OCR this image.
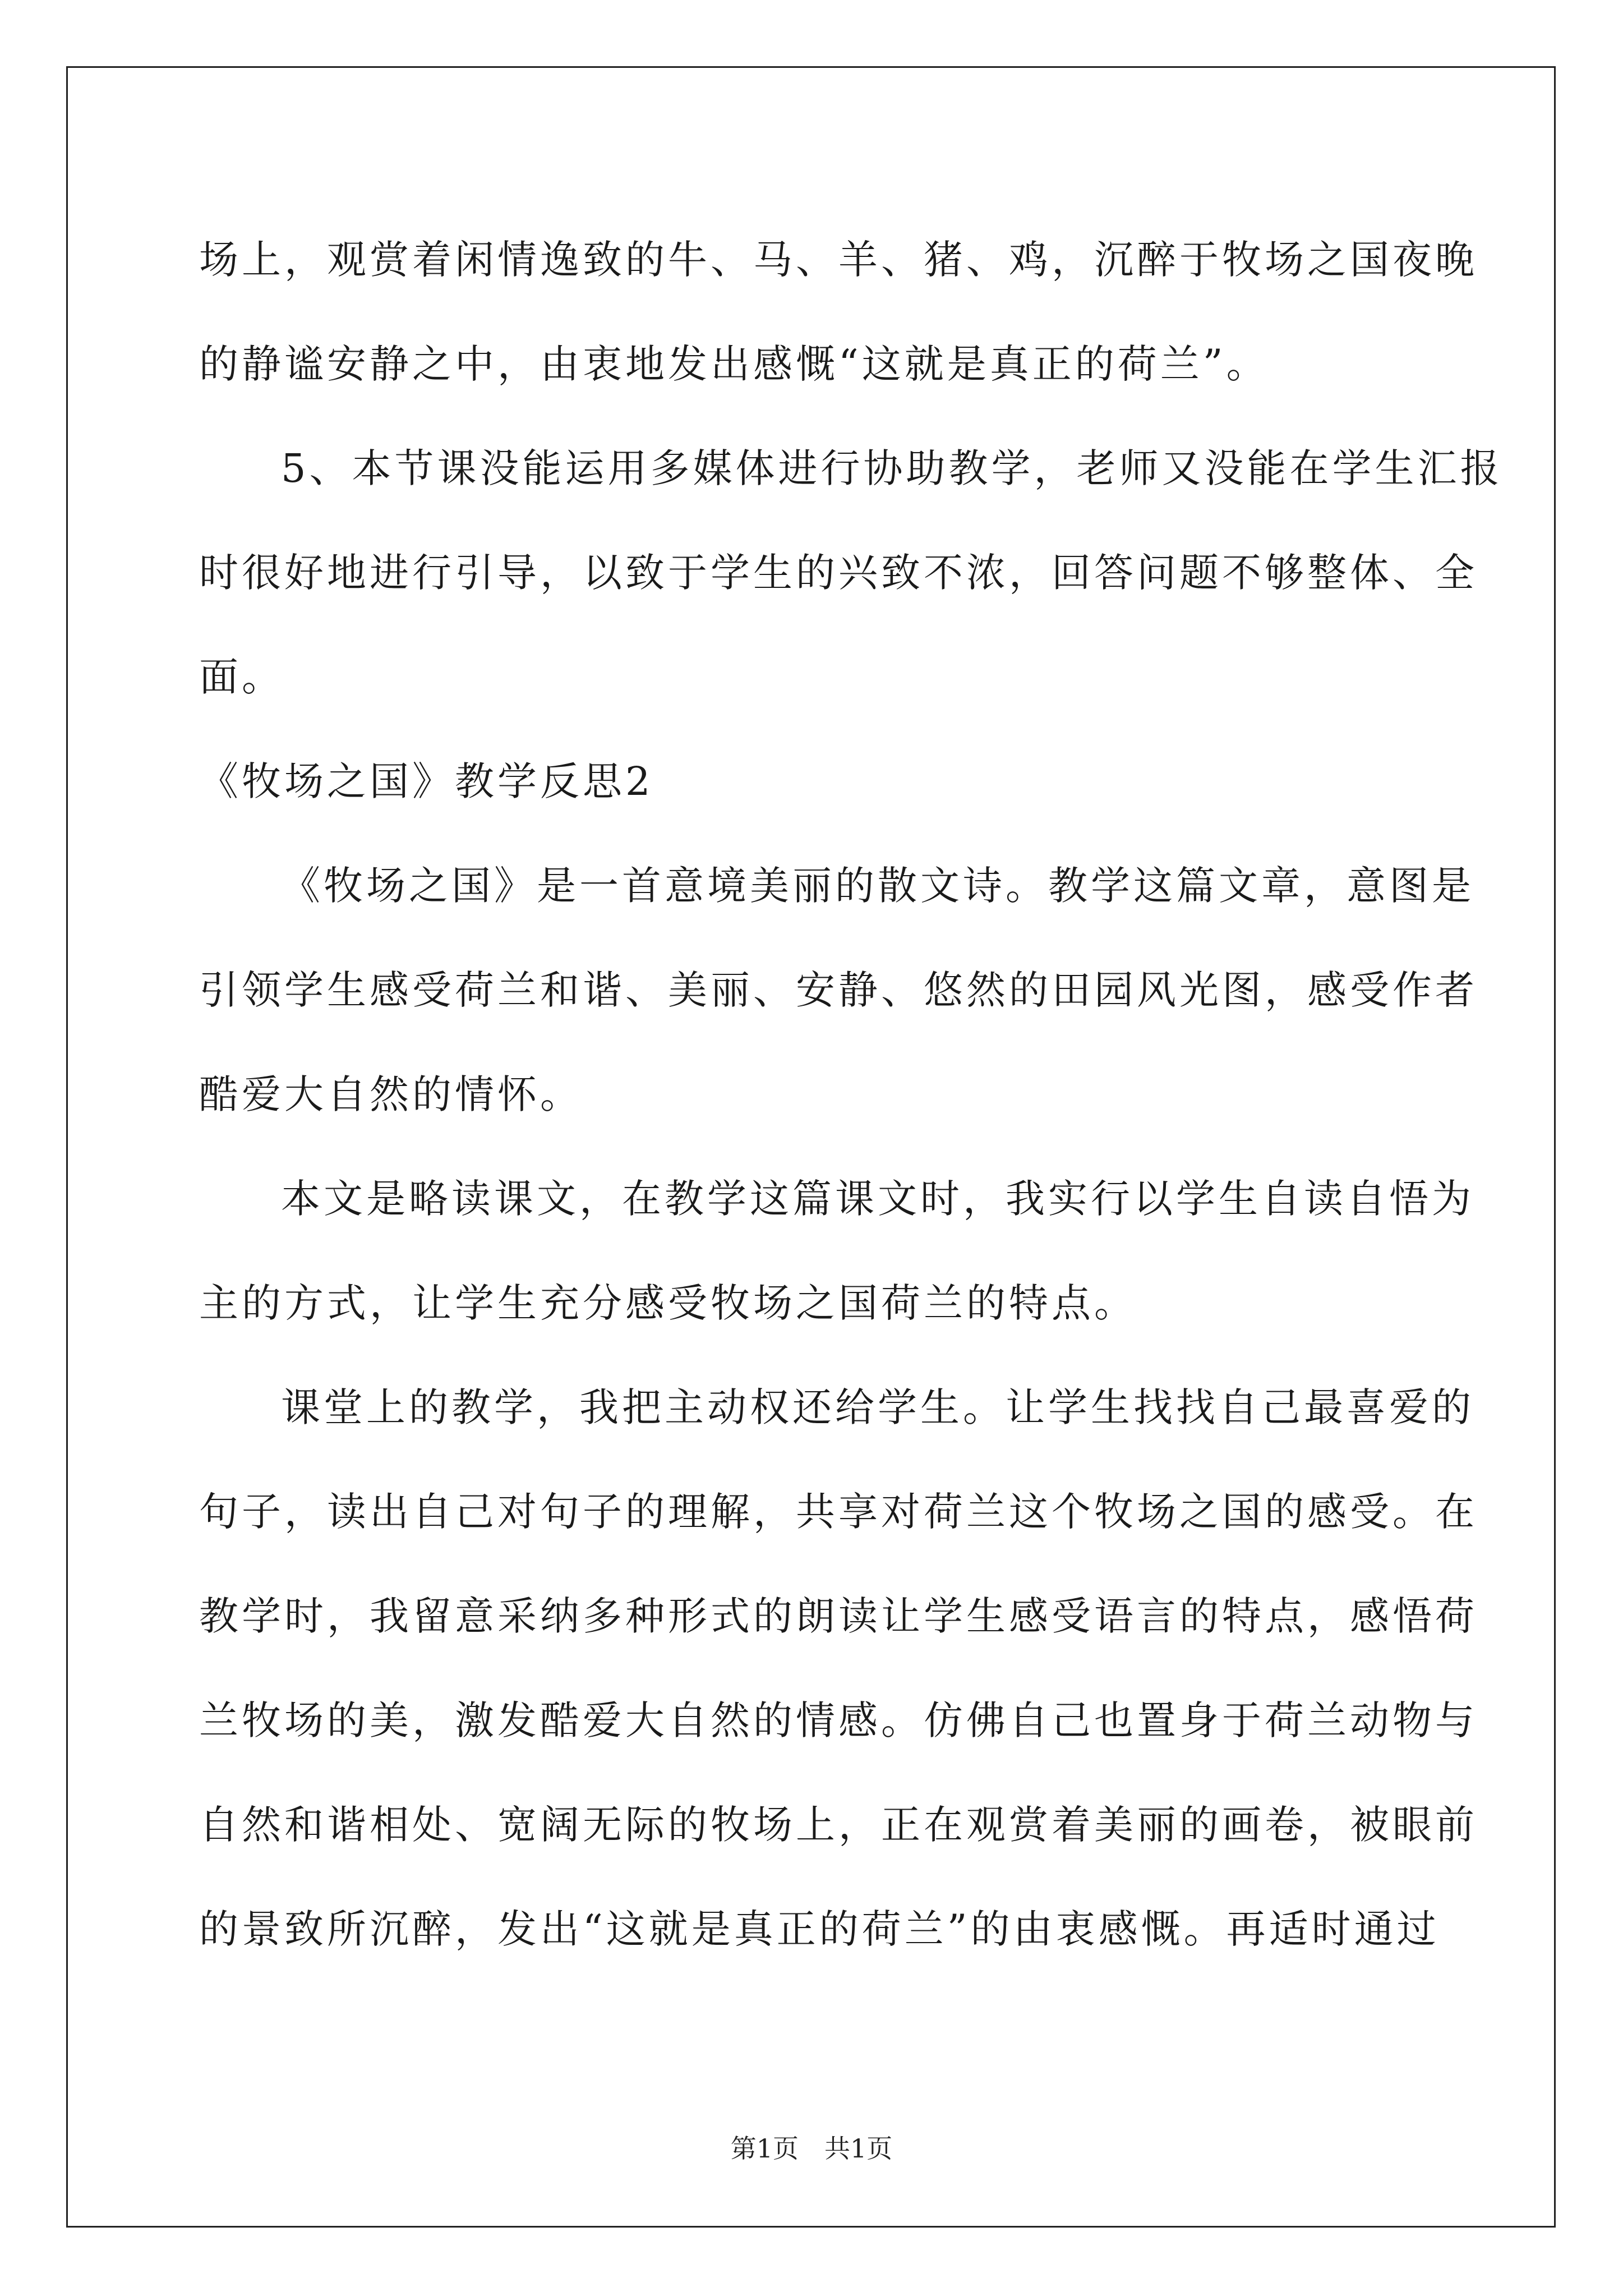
场上，观赏着闲情逸致的牛、马、羊、猪、鸡，沉醉于牧场之国夜晚
的静谧安静之中，由衷地发出感慨“这就是真正的荷兰”。
5、本节课没能运用多媒体进行协助教学，老师又没能在学生汇报
时很好地进行引导，以致于学生的兴致不浓，回答问题不够整体、全
面。
《牧场之国》教学反思2
《牧场之国》是一首意境美丽的散文诗。教学这篇文章，意图是
引领学生感受荷兰和谐、美丽、安静、悠然的田园风光图，感受作者
酷爱大自然的情怀。
本文是略读课文，在教学这篇课文时，我实行以学生自读自悟为
主的方式，让学生充分感受牧场之国荷兰的特点。
课堂上的教学，我把主动权还给学生。让学生找找自己最喜爱的
句子，读出自己对句子的理解，共享对荷兰这个牧场之国的感受。在
教学时，我留意采纳多种形式的朗读让学生感受语言的特点，感悟荷
兰牧场的美，激发酷爱大自然的情感。仿佛自己也置身于荷兰动物与
自然和谐相处、宽阔无际的牧场上，正在观赏着美丽的画卷，被眼前
的景致所沉醉，发出“这就是真正的荷兰”的由衷感慨。再适时通过
第1页 共1页
